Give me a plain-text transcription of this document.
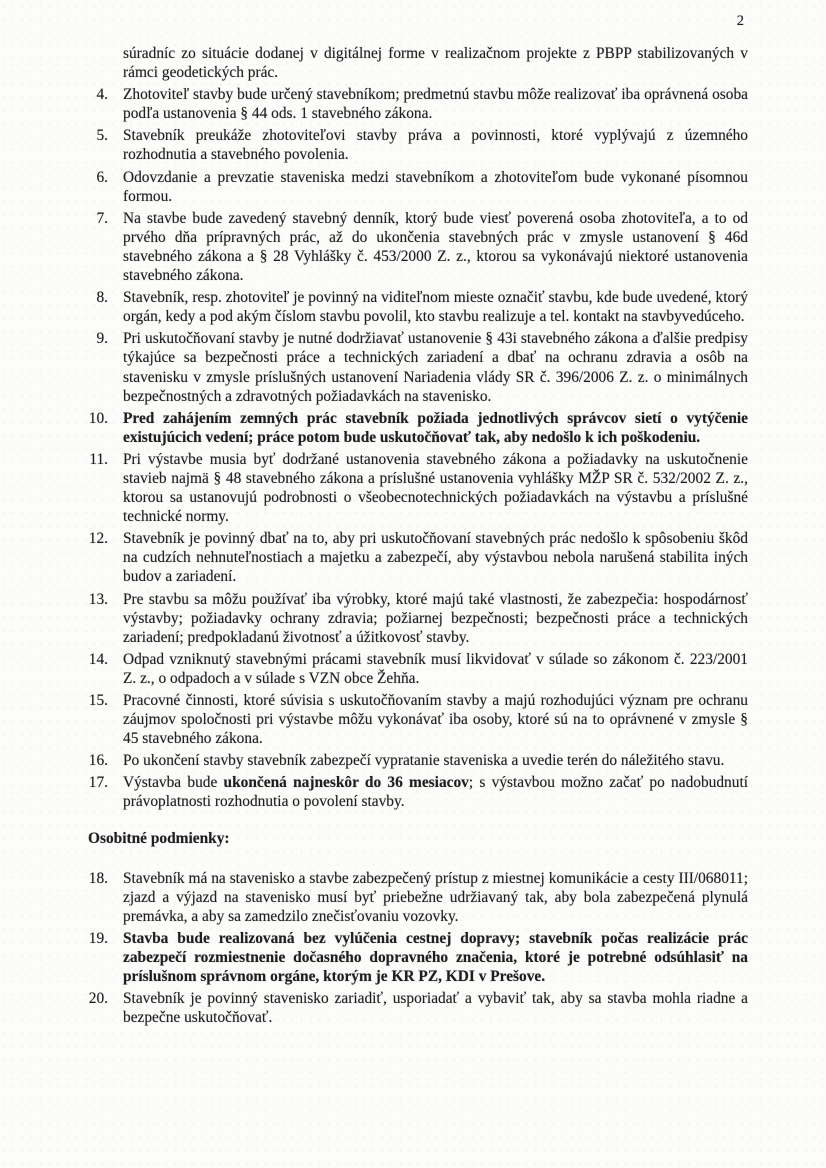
2

súradníc zo situácie dodanej v digitálnej forme v realizačnom projekte z PBPP stabilizovaných v rámci geodetických prác.

4. Zhotoviteľ stavby bude určený stavebníkom; predmetnú stavbu môže realizovať iba oprávnená osoba podľa ustanovenia § 44 ods. 1 stavebného zákona.
5. Stavebník preukáže zhotoviteľovi stavby práva a povinnosti, ktoré vyplývajú z územného rozhodnutia a stavebného povolenia.
6. Odovzdanie a prevzatie staveniska medzi stavebníkom a zhotoviteľom bude vykonané písomnou formou.
7. Na stavbe bude zavedený stavebný denník, ktorý bude viesť poverená osoba zhotoviteľa, a to od prvého dňa prípravných prác, až do ukončenia stavebných prác v zmysle ustanovení § 46d stavebného zákona a § 28 Vyhlášky č. 453/2000 Z. z., ktorou sa vykonávajú niektoré ustanovenia stavebného zákona.
8. Stavebník, resp. zhotoviteľ je povinný na viditeľnom mieste označiť stavbu, kde bude uvedené, ktorý orgán, kedy a pod akým číslom stavbu povolil, kto stavbu realizuje a tel. kontakt na stavbyvedúceho.
9. Pri uskutočňovaní stavby je nutné dodržiavať ustanovenie § 43i stavebného zákona a ďalšie predpisy týkajúce sa bezpečnosti práce a technických zariadení a dbať na ochranu zdravia a osôb na stavenisku v zmysle príslušných ustanovení Nariadenia vlády SR č. 396/2006 Z. z. o minimálnych bezpečnostných a zdravotných požiadavkách na stavenisko.
10. Pred zahájením zemných prác stavebník požiada jednotlivých správcov sietí o vytýčenie existujúcich vedení; práce potom bude uskutočňovať tak, aby nedošlo k ich poškodeniu.
11. Pri výstavbe musia byť dodržané ustanovenia stavebného zákona a požiadavky na uskutočnenie stavieb najmä § 48 stavebného zákona a príslušné ustanovenia vyhlášky MŽP SR č. 532/2002 Z. z., ktorou sa ustanovujú podrobnosti o všeobecnotechnických požiadavkách na výstavbu a príslušné technické normy.
12. Stavebník je povinný dbať na to, aby pri uskutočňovaní stavebných prác nedošlo k spôsobeniu škôd na cudzích nehnuteľnostiach a majetku a zabezpečí, aby výstavbou nebola narušená stabilita iných budov a zariadení.
13. Pre stavbu sa môžu používať iba výrobky, ktoré majú také vlastnosti, že zabezpečia: hospodárnosť výstavby; požiadavky ochrany zdravia; požiarnej bezpečnosti; bezpečnosti práce a technických zariadení; predpokladanú životnosť a úžitkovosť stavby.
14. Odpad vzniknutý stavebnými prácami stavebník musí likvidovať v súlade so zákonom č. 223/2001 Z. z., o odpadoch a v súlade s VZN obce Žehňa.
15. Pracovné činnosti, ktoré súvisia s uskutočňovaním stavby a majú rozhodujúci význam pre ochranu záujmov spoločnosti pri výstavbe môžu vykonávať iba osoby, ktoré sú na to oprávnené v zmysle § 45 stavebného zákona.
16. Po ukončení stavby stavebník zabezpečí vypratanie staveniska a uvedie terén do náležitého stavu.
17. Výstavba bude ukončená najneskôr do 36 mesiacov; s výstavbou možno začať po nadobudnutí právoplatnosti rozhodnutia o povolení stavby.

Osobitné podmienky:

18. Stavebník má na stavenisko a stavbe zabezpečený prístup z miestnej komunikácie a cesty III/068011; zjazd a výjazd na stavenisko musí byť priebežne udržiavaný tak, aby bola zabezpečená plynulá premávka, a aby sa zamedzilo znečisťovaniu vozovky.
19. Stavba bude realizovaná bez vylúčenia cestnej dopravy; stavebník počas realizácie prác zabezpečí rozmiestnenie dočasného dopravného značenia, ktoré je potrebné odsúhlasiť na príslušnom správnom orgáne, ktorým je KR PZ, KDI v Prešove.
20. Stavebník je povinný stavenisko zariadiť, usporiadať a vybaviť tak, aby sa stavba mohla riadne a bezpečne uskutočňovať.
